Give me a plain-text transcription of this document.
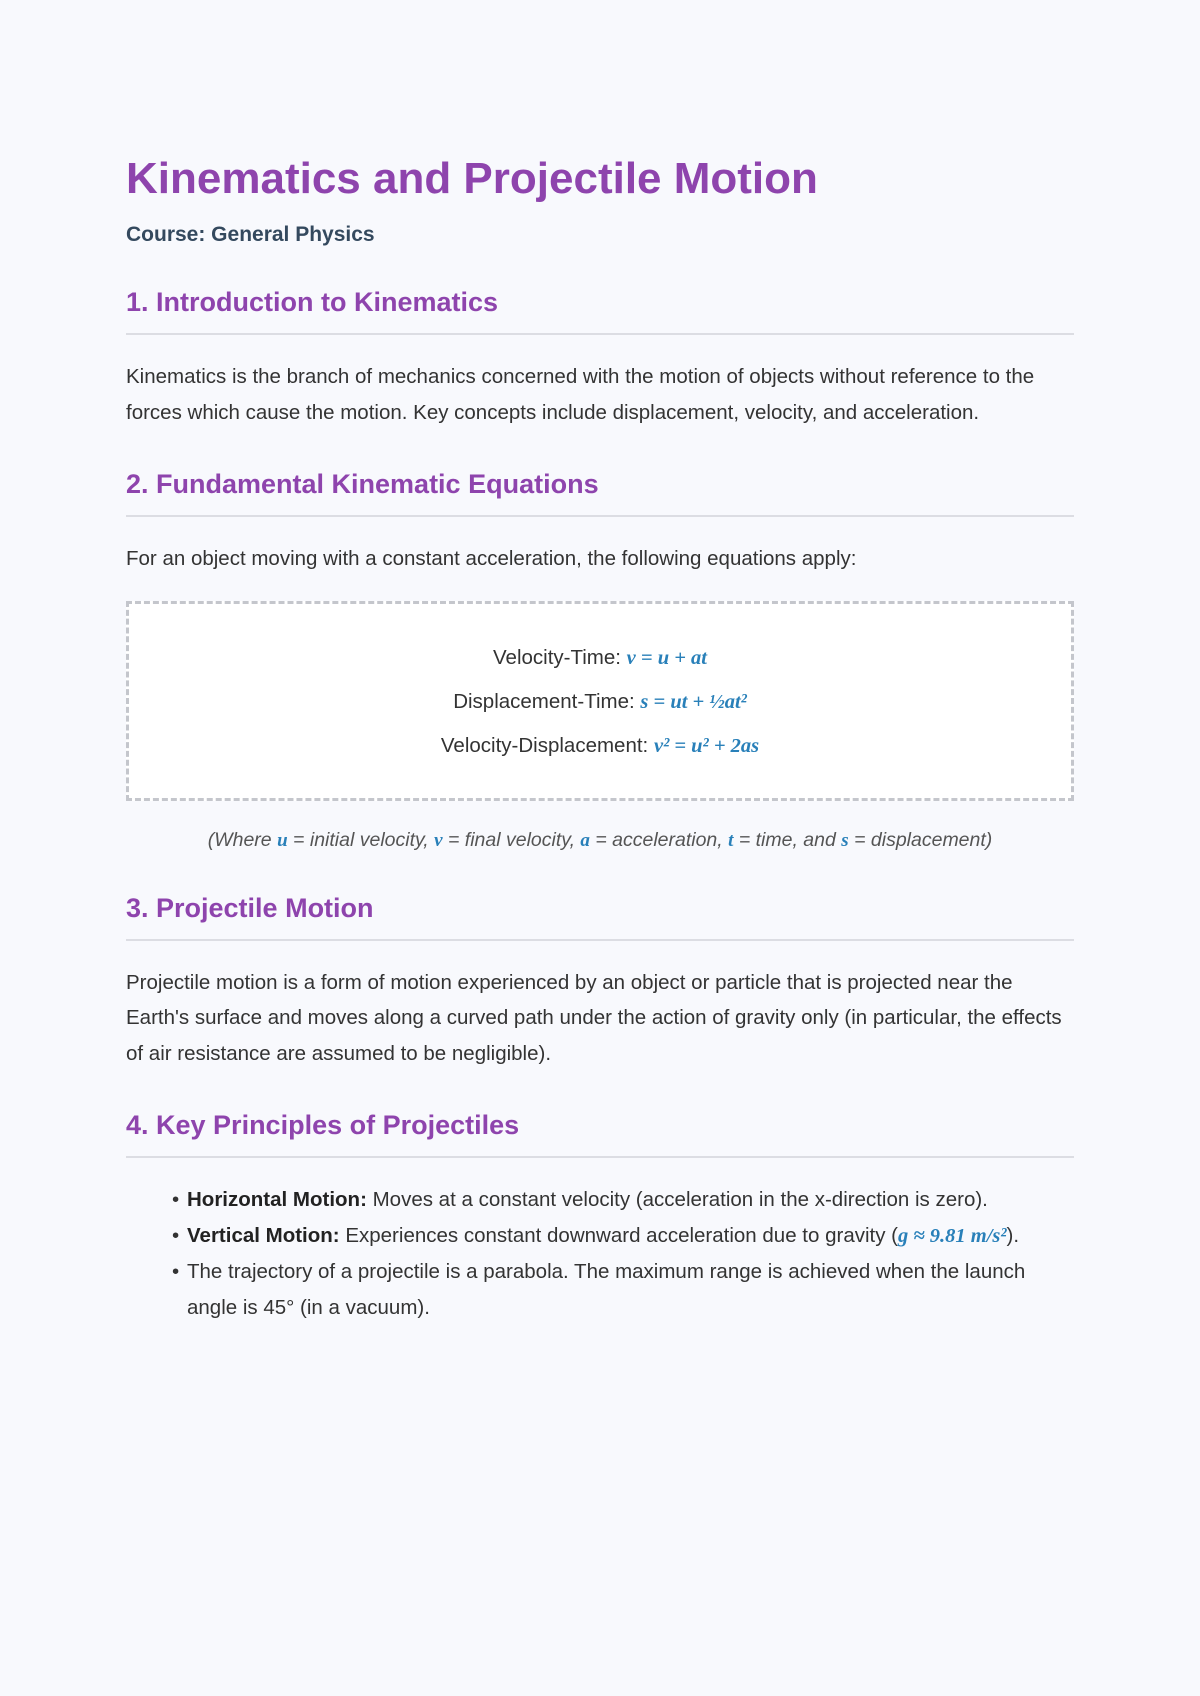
Kinematics and Projectile Motion

Course: General Physics

1. Introduction to Kinematics

Kinematics is the branch of mechanics concerned with the motion of objects without reference to the forces which cause the motion. Key concepts include displacement, velocity, and acceleration.

2. Fundamental Kinematic Equations

For an object moving with a constant acceleration, the following equations apply:

Velocity-Time: v = u + at
Displacement-Time: s = ut + ½at²
Velocity-Displacement: v² = u² + 2as
(Where u = initial velocity, v = final velocity, a = acceleration, t = time, and s = displacement)
3. Projectile Motion

Projectile motion is a form of motion experienced by an object or particle that is projected near the Earth's surface and moves along a curved path under the action of gravity only (in particular, the effects of air resistance are assumed to be negligible).

4. Key Principles of Projectiles
• Horizontal Motion: Moves at a constant velocity (acceleration in the x-direction is zero).
• Vertical Motion: Experiences constant downward acceleration due to gravity (g ≈ 9.81 m/s²).
• The trajectory of a projectile is a parabola. The maximum range is achieved when the launch angle is 45° (in a vacuum).
